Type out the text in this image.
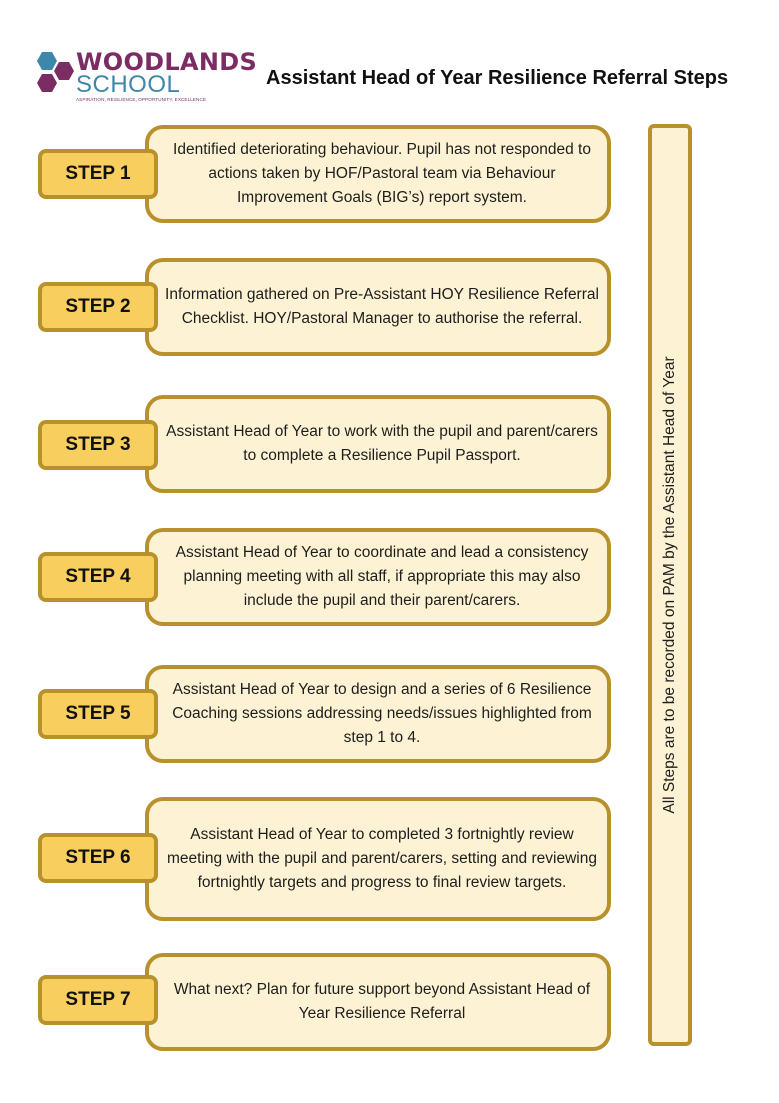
WOODLANDS
SCHOOL
ASPIRATION, RESILIENCE, OPPORTUNITY, EXCELLENCE
Assistant Head of Year Resilience Referral Steps
Identified deteriorating behaviour. Pupil has not responded to actions taken by HOF/Pastoral team via Behaviour Improvement Goals (BIG’s) report system.
STEP 1
Information gathered on Pre-Assistant HOY Resilience Referral Checklist. HOY/Pastoral Manager to authorise the referral.
STEP 2
Assistant Head of Year to work with the pupil and parent/carers to complete a Resilience Pupil Passport.
STEP 3
Assistant Head of Year to coordinate and lead a consistency planning meeting with all staff, if appropriate this may also include the pupil and their parent/carers.
STEP 4
Assistant Head of Year to design and a series of 6 Resilience Coaching sessions addressing needs/issues highlighted from step 1 to 4.
STEP 5
Assistant Head of Year to completed 3 fortnightly review meeting with the pupil and parent/carers, setting and reviewing fortnightly targets and progress to final review targets.
STEP 6
What next? Plan for future support beyond Assistant Head of Year Resilience Referral
STEP 7
All Steps are to be recorded on PAM by the Assistant Head of Year
